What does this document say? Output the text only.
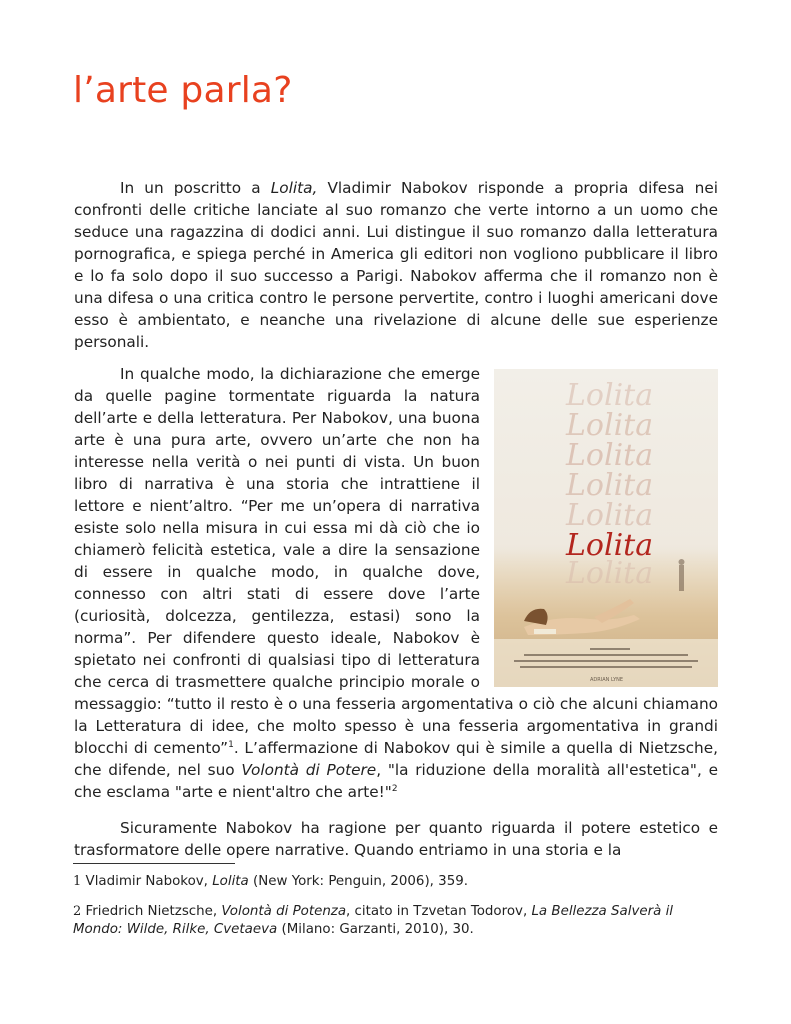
l’arte parla?

In un poscritto a Lolita, Vladimir Nabokov risponde a propria difesa nei confronti delle critiche lanciate al suo romanzo che verte intorno a un uomo che seduce una ragazzina di dodici anni. Lui distingue il suo romanzo dalla letteratura pornografica, e spiega perché in America gli editori non vogliono pubblicare il libro e lo fa solo dopo il suo successo a Parigi. Nabokov afferma che il romanzo non è una difesa o una critica contro le persone pervertite, contro i luoghi americani dove esso è ambientato, e neanche una rivelazione di alcune delle sue esperienze personali.

Lolita
Lolita
Lolita
Lolita
Lolita
Lolita
Lolita
ADRIAN LYNE

In qualche modo, la dichiarazione che emerge da quelle pagine tormentate riguarda la natura dell’arte e della letteratura. Per Nabokov, una buona arte è una pura arte, ovvero un’arte che non ha interesse nella verità o nei punti di vista. Un buon libro di narrativa è una storia che intrattiene il lettore e nient’altro. “Per me un’opera di narrativa esiste solo nella misura in cui essa mi dà ciò che io chiamerò felicità estetica, vale a dire la sensazione di essere in qualche modo, in qualche dove, connesso con altri stati di essere dove l’arte (curiosità, dolcezza, gentilezza, estasi) sono la norma”. Per difendere questo ideale, Nabokov è spietato nei confronti di qualsiasi tipo di letteratura che cerca di trasmettere qualche principio morale o messaggio: “tutto il resto è o una fesseria argomentativa o ciò che alcuni chiamano la Letteratura di idee, che molto spesso è una fesseria argomentativa in grandi blocchi di cemento”$^1$. L’affermazione di Nabokov qui è simile a quella di Nietzsche, che difende, nel suo Volontà di Potere, "la riduzione della moralità all'estetica", e che esclama "arte e nient'altro che arte!"$^2$

Sicuramente Nabokov ha ragione per quanto riguarda il potere estetico e trasformatore delle opere narrative. Quando entriamo in una storia e la

1 Vladimir Nabokov, Lolita (New York: Penguin, 2006), 359.
2 Friedrich Nietzsche, Volontà di Potenza, citato in Tzvetan Todorov, La Bellezza Salverà il Mondo: Wilde, Rilke, Cvetaeva (Milano: Garzanti, 2010), 30.
